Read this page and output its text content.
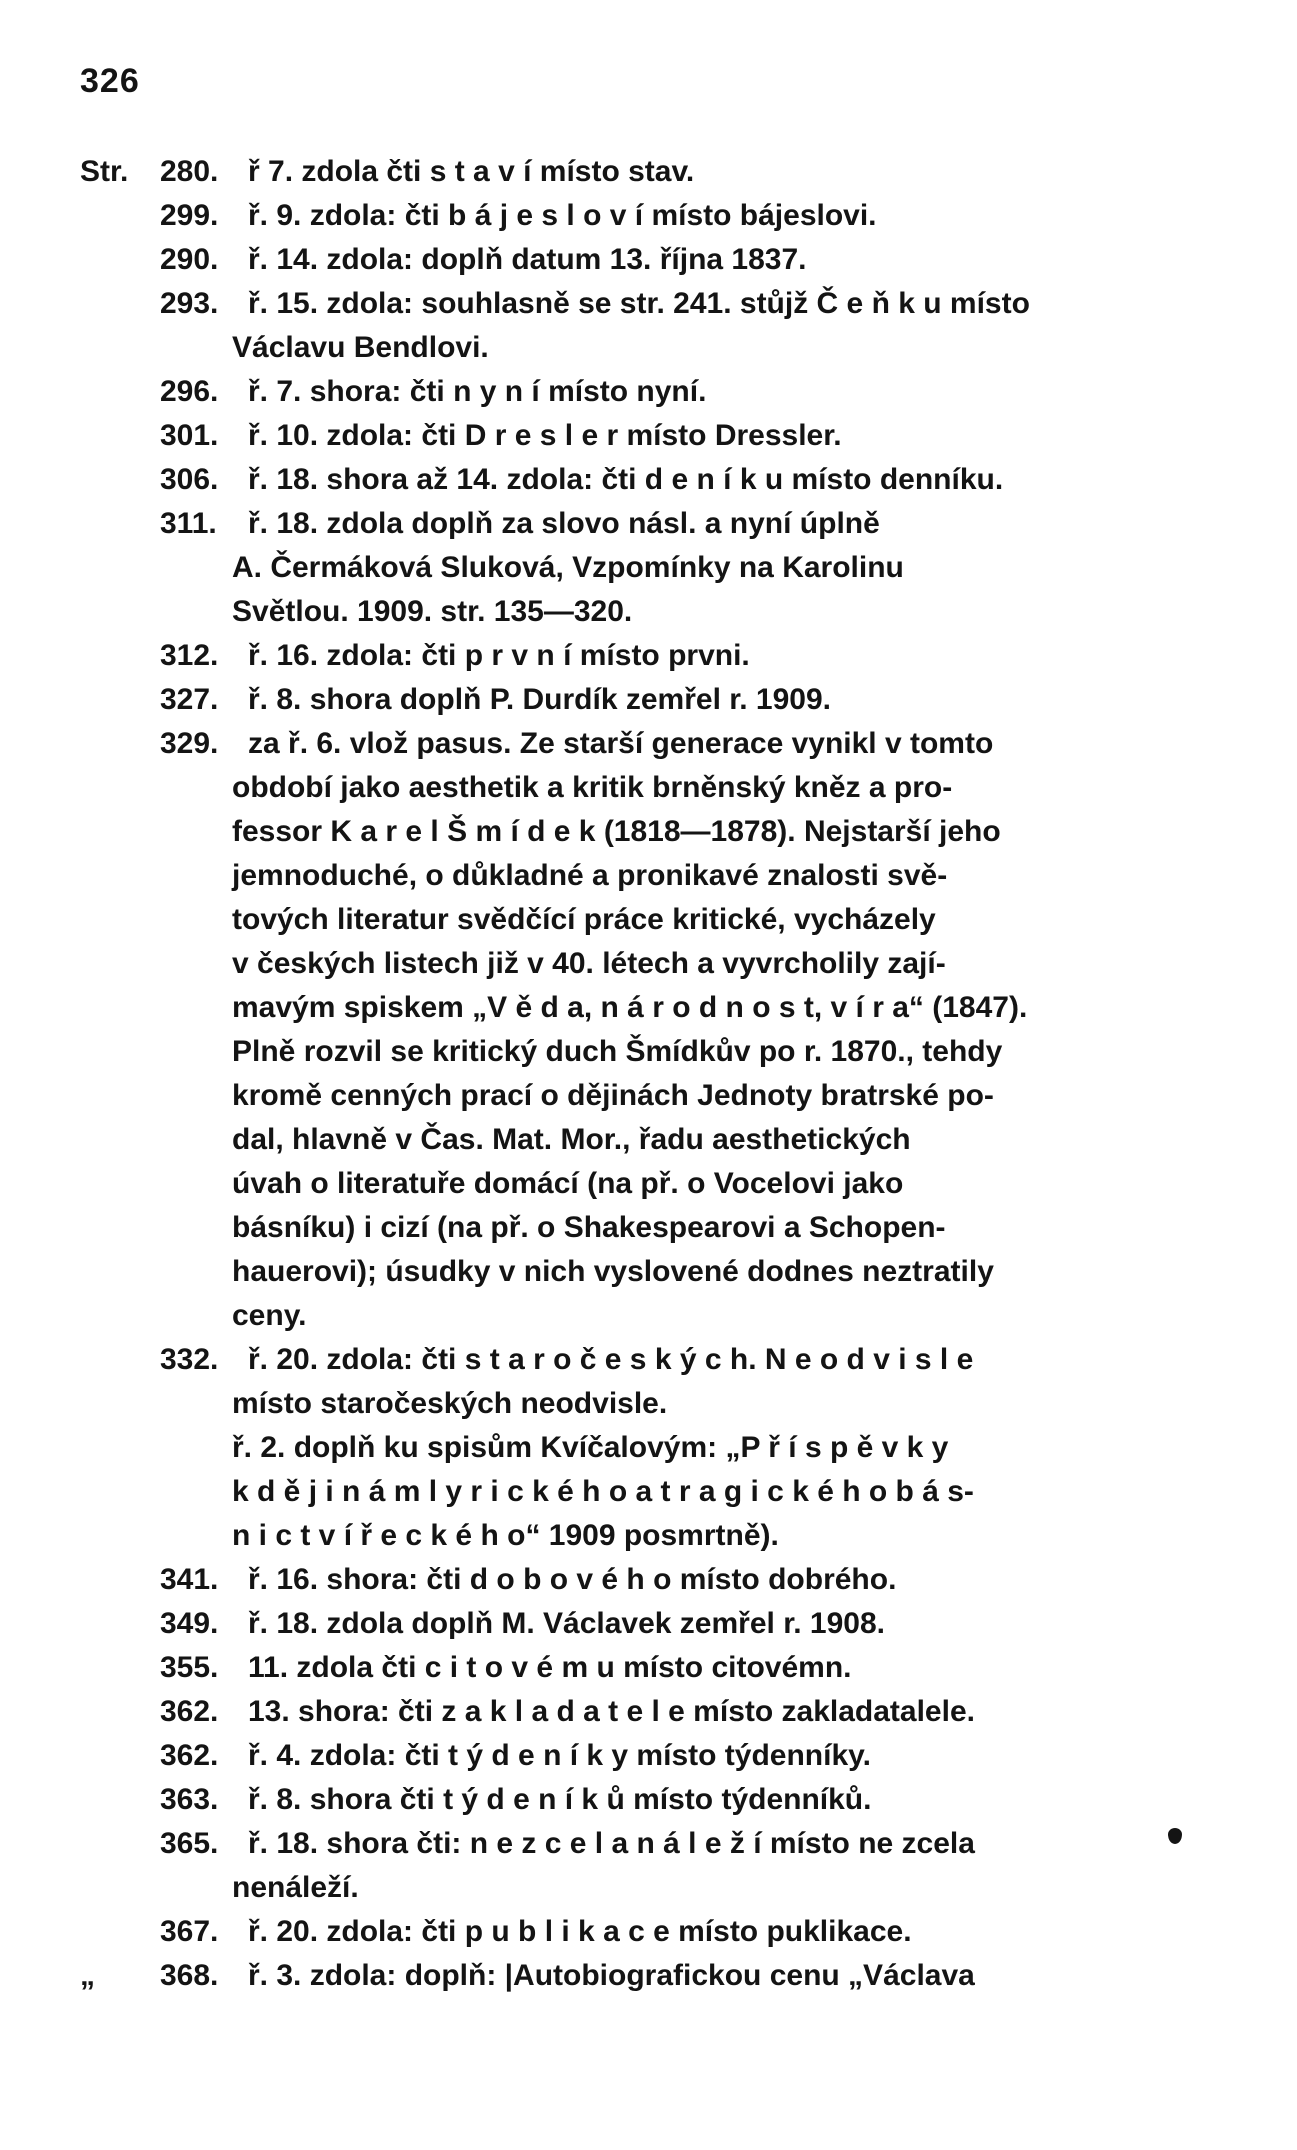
326
Str. 280. ř 7. zdola čti s t a v í místo stav.
299. ř. 9. zdola: čti b á j e s l o v í místo bájeslovi.
290. ř. 14. zdola: doplň datum 13. října 1837.
293. ř. 15. zdola: souhlasně se str. 241. stůjž Č e ň k u místo
Václavu Bendlovi.
296. ř. 7. shora: čti n y n í místo nyní.
301. ř. 10. zdola: čti D r e s l e r místo Dressler.
306. ř. 18. shora až 14. zdola: čti d e n í k u místo denníku.
311. ř. 18. zdola doplň za slovo násl. a nyní úplně
A. Čermáková Sluková, Vzpomínky na Karolinu
Světlou. 1909. str. 135—320.
312. ř. 16. zdola: čti p r v n í místo prvni.
327. ř. 8. shora doplň P. Durdík zemřel r. 1909.
329. za ř. 6. vlož pasus. Ze starší generace vynikl v tomto
období jako aesthetik a kritik brněnský kněz a pro-
fessor K a r e l Š m í d e k (1818—1878). Nejstarší jeho
jemnoduché, o důkladné a pronikavé znalosti svě-
tových literatur svědčící práce kritické, vycházely
v českých listech již v 40. létech a vyvrcholily zají-
mavým spiskem „V ě d a, n á r o d n o s t, v í r a“ (1847).
Plně rozvil se kritický duch Šmídkův po r. 1870., tehdy
kromě cenných prací o dějinách Jednoty bratrské po-
dal, hlavně v Čas. Mat. Mor., řadu aesthetických
úvah o literatuře domácí (na př. o Vocelovi jako
básníku) i cizí (na př. o Shakespearovi a Schopen-
hauerovi); úsudky v nich vyslovené dodnes neztratily
ceny.
332. ř. 20. zdola: čti s t a r o č e s k ý c h. N e o d v i s l e
místo staročeských neodvisle.
ř. 2. doplň ku spisům Kvíčalovým: „P ř í s p ě v k y
k d ě j i n á m l y r i c k é h o a t r a g i c k é h o b á s-
n i c t v í ř e c k é h o“ 1909 posmrtně).
341. ř. 16. shora: čti d o b o v é h o místo dobrého.
349. ř. 18. zdola doplň M. Václavek zemřel r. 1908.
355. 11. zdola čti c i t o v é m u místo citovémn.
362. 13. shora: čti z a k l a d a t e l e místo zakladatalele.
362. ř. 4. zdola: čti t ý d e n í k y místo týdenníky.
363. ř. 8. shora čti t ý d e n í k ů místo týdenníků.
365. ř. 18. shora čti: n e z c e l a n á l e ž í místo ne zcela
nenáleží.
367. ř. 20. zdola: čti p u b l i k a c e místo puklikace.
„ 368. ř. 3. zdola: doplň: |Autobiografickou cenu „Václava
